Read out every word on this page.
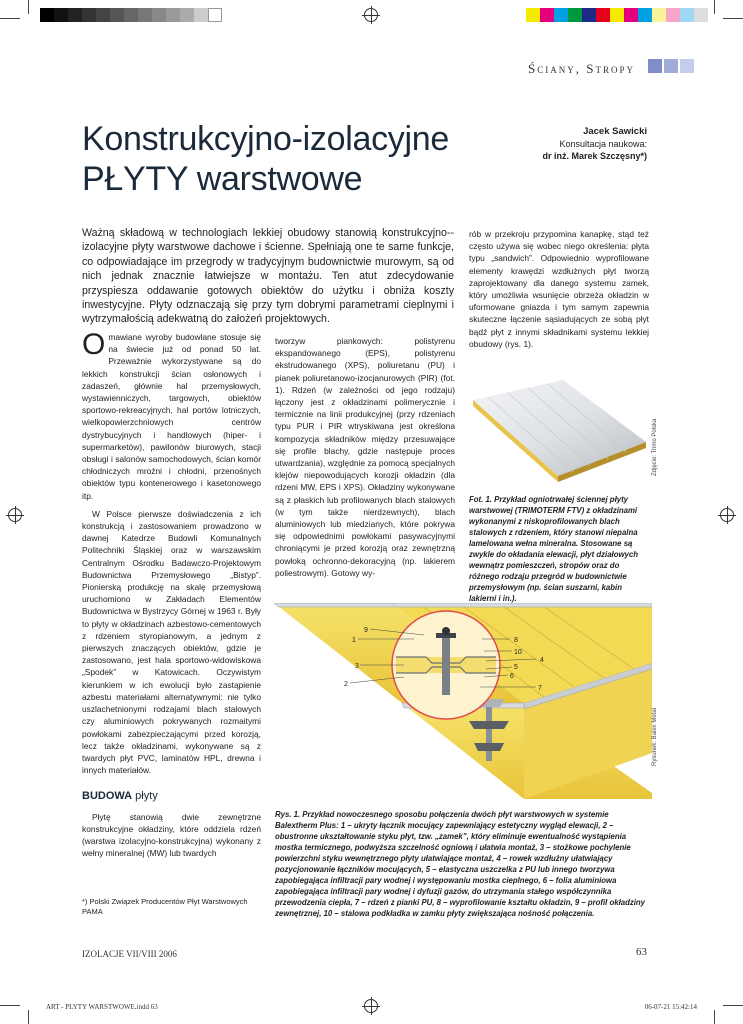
Ściany, Stropy
Konstrukcyjno-izolacyjne
PŁYTY warstwowe
Jacek Sawicki
Konsultacja naukowa:
dr inż. Marek Szczęsny*)
Ważną składową w technologiach lekkiej obudowy stanowią konstrukcyjno--izolacyjne płyty warstwowe dachowe i ścienne. Spełniają one te same funkcje, co odpowiadające im przegrody w tradycyjnym budownictwie murowym, są od nich jednak znacznie łatwiejsze w montażu. Ten atut zdecydowanie przyspiesza oddawanie gotowych obiektów do użytku i obniża koszty inwestycyjne. Płyty odznaczają się przy tym dobrymi parametrami cieplnymi i wytrzymałością adekwatną do założeń projektowych.

Omawiane wyroby budowlane stosuje się na świecie już od ponad 50 lat. Przeważnie wykorzystywane są do lekkich konstrukcji ścian osłonowych i zadaszeń, głównie hal przemysłowych, wystawienniczych, targowych, obiektów sportowo-rekreacyjnych, hal portów lotniczych, wielkopowierzchniowych centrów dystrybucyjnych i handlowych (hiper- i supermarketów), pawilonów biurowych, stacji obsługi i salonów samochodowych, ścian komór chłodniczych mroźni i chłodni, przenośnych obiektów typu kontenerowego i kasetonowego itp.

W Polsce pierwsze doświadczenia z ich konstrukcją i zastosowaniem prowadzono w dawnej Katedrze Budowli Komunalnych Politechniki Śląskiej oraz w warszawskim Centralnym Ośrodku Badawczo-Projektowym Budownictwa Przemysłowego „Bistyp”. Pionierską produkcję na skalę przemysłową uruchomiono w Zakładach Elementów Budownictwa w Bystrzycy Górnej w 1963 r. Były to płyty w okładzinach azbestowo-cementowych z rdzeniem styropianowym, a jednym z pierwszych znaczących obiektów, gdzie je zastosowano, jest hala sportowo-widowiskowa „Spodek” w Katowicach. Oczywistym kierunkiem w ich ewolucji było zastąpienie azbestu materiałami alternatywnymi: nie tylko uszlachetnionymi rodzajami blach stalowych czy aluminiowych pokrywanych rozmaitymi powłokami zabezpieczającymi przed korozją, lecz także okładzinami, wykonywane są z twardych płyt PVC, laminatów HPL, drewna i innych materiałów.

BUDOWA płyty

Płytę stanowią dwie zewnętrzne konstrukcyjne okładziny, które oddziela rdzeń (warstwa izolacyjno-konstrukcyjna) wykonany z wełny mineralnej (MW) lub twardych

*) Polski Związek Producentów Płyt Warstwowych PAMA

tworzyw piankowych: polistyrenu ekspandowanego (EPS), polistyrenu ekstrudowanego (XPS), poliuretanu (PU) i pianek poliuretanowo-izocjanurowych (PIR) (fot. 1). Rdzeń (w zależności od jego rodzaju) łączony jest z okładzinami polimerycznie i termicznie na linii produkcyjnej (przy rdzeniach typu PUR i PIR wtryskiwana jest określona kompozycja składników między przesuwające się profile blachy, gdzie następuje proces utwardzania), względnie za pomocą specjalnych klejów niepowodujących korozji okładzin (dla rdzeni MW, EPS i XPS). Okładziny wykonywane są z płaskich lub profilowanych blach stalowych (w tym także nierdzewnych), blach aluminiowych lub miedzianych, które pokrywa się odpowiednimi powłokami pasywacyjnymi chroniącymi je przed korozją oraz zewnętrzną powłoką ochronno-dekoracyjną (np. lakierem poliestrowym). Gotowy wy-

rób w przekroju przypomina kanapkę, stąd też często używa się wobec niego określenia: płyta typu „sandwich”. Odpowiednio wyprofilowane elementy krawędzi wzdłużnych płyt tworzą zaprojektowany dla danego systemu zamek, który umożliwia wsunięcie obrzeża okładzin w uformowane gniazda i tym samym zapewnia skuteczne łączenie sąsiadujących ze sobą płyt bądź płyt z innymi składnikami systemu lekkiej obudowy (rys. 1).

Zdjęcie: Trimo Polska
Fot. 1. Przykład ogniotrwałej ściennej płyty warstwowej (TRIMOTERM FTV) z okładzinami wykonanymi z niskoprofilowanych blach stalowych z rdzeniem, który stanowi niepalna lamelowana wełna mineralna. Stosowane są zwykle do okładania elewacji, płyt działowych wewnątrz pomieszczeń, stropów oraz do różnego rodzaju przegród w budownictwie przemysłowym (np. ścian suszarni, kabin lakierni i in.).
1
2
3
4
5
6
7
8
9
10
Rysunek: Balex Metal
Rys. 1. Przykład nowoczesnego sposobu połączenia dwóch płyt warstwowych w systemie Balextherm Plus: 1 – ukryty łącznik mocujący zapewniający estetyczny wygląd elewacji, 2 – obustronne ukształtowanie styku płyt, tzw. „zamek”, który eliminuje ewentualność wystąpienia mostka termicznego, podwyższa szczelność ogniową i ułatwia montaż, 3 – stożkowe pochylenie powierzchni styku wewnętrznego płyty ułatwiające montaż, 4 – rowek wzdłużny ułatwiający pozycjonowanie łączników mocujących, 5 – elastyczna uszczelka z PU lub innego tworzywa zapobiegająca infiltracji pary wodnej i występowaniu mostka cieplnego, 6 – folia aluminiowa zapobiegająca infiltracji pary wodnej i dyfuzji gazów, do utrzymania stałego współczynnika przewodzenia ciepła, 7 – rdzeń z pianki PU, 8 – wyprofilowanie kształtu okładzin, 9 – profil okładziny zewnętrznej, 10 – stalowa podkładka w zamku płyty zwiększająca nośność połączenia.
IZOLACJE VII/VIII 2006	63
ART - PLYTY WARSTWOWE.indd 63	06-07-21 15:42:14
